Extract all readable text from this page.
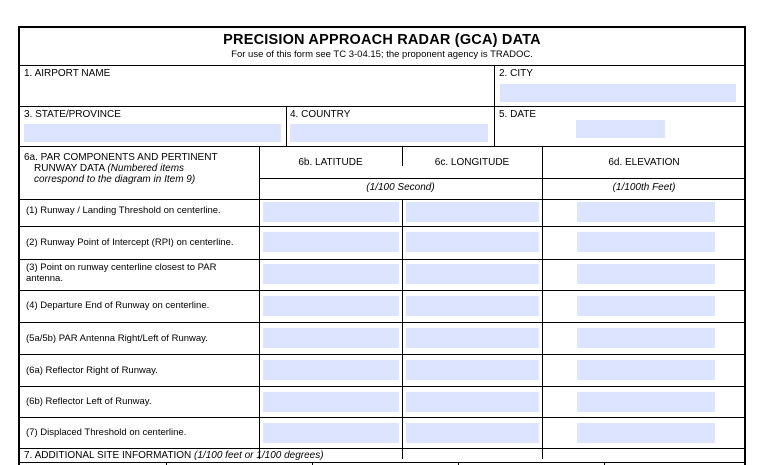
PRECISION APPROACH RADAR (GCA) DATA
For use of this form see TC 3-04.15; the proponent agency is TRADOC.
1. AIRPORT NAME	2. CITY
3. STATE/PROVINCE	4. COUNTRY	5. DATE
6a. PAR COMPONENTS AND PERTINENT
RUNWAY DATA (Numbered items
correspond to the diagram in Item 9)
6b. LATITUDE	6c. LONGITUDE	6d. ELEVATION
(1/100 Second)	(1/100th Feet)
(1) Runway / Landing Threshold on centerline.
(2) Runway Point of Intercept (RPI) on centerline.
(3) Point on runway centerline closest to PAR
antenna.
(4) Departure End of Runway on centerline.
(5a/5b) PAR Antenna Right/Left of Runway.
(6a) Reflector Right of Runway.
(6b) Reflector Left of Runway.
(7) Displaced Threshold on centerline.
7. ADDITIONAL SITE INFORMATION (1/100 feet or 1/100 degrees)
